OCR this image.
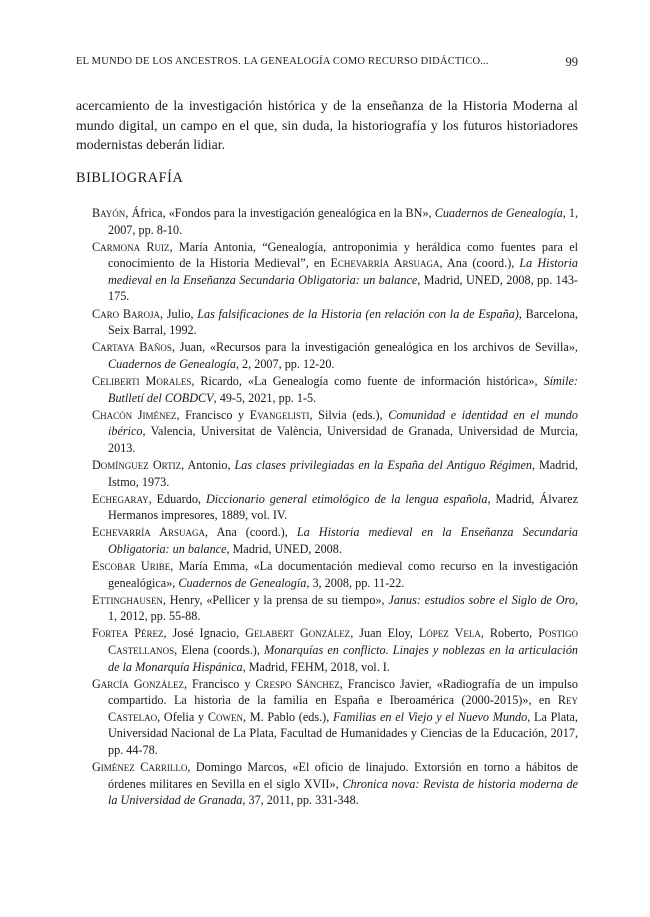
EL MUNDO DE LOS ANCESTROS. LA GENEALOGÍA COMO RECURSO DIDÁCTICO...	99

acercamiento de la investigación histórica y de la enseñanza de la Historia Moderna al mundo digital, un campo en el que, sin duda, la historiografía y los futuros historiadores modernistas deberán lidiar.

BIBLIOGRAFÍA
Bayón, África, «Fondos para la investigación genealógica en la BN», Cuadernos de Genealogía, 1, 2007, pp. 8-10.
Carmona Ruiz, María Antonia, “Genealogía, antroponimia y heráldica como fuentes para el conocimiento de la Historia Medieval”, en Echevarría Arsuaga, Ana (coord.), La Historia medieval en la Enseñanza Secundaria Obligatoria: un balance, Madrid, UNED, 2008, pp. 143-175.
Caro Baroja, Julio, Las falsificaciones de la Historia (en relación con la de España), Barcelona, Seix Barral, 1992.
Cartaya Baños, Juan, «Recursos para la investigación genealógica en los archivos de Sevilla», Cuadernos de Genealogía, 2, 2007, pp. 12-20.
Celiberti Morales, Ricardo, «La Genealogía como fuente de información histórica», Símile: Butlletí del COBDCV, 49-5, 2021, pp. 1-5.
Chacón Jiménez, Francisco y Evangelisti, Silvia (eds.), Comunidad e identidad en el mundo ibérico, Valencia, Universitat de València, Universidad de Granada, Universidad de Murcia, 2013.
Domínguez Ortiz, Antonio, Las clases privilegiadas en la España del Antiguo Régimen, Madrid, Istmo, 1973.
Echegaray, Eduardo, Diccionario general etimológico de la lengua española, Madrid, Álvarez Hermanos impresores, 1889, vol. IV.
Echevarría Arsuaga, Ana (coord.), La Historia medieval en la Enseñanza Secundaria Obligatoria: un balance, Madrid, UNED, 2008.
Escobar Uribe, María Emma, «La documentación medieval como recurso en la investigación genealógica», Cuadernos de Genealogía, 3, 2008, pp. 11-22.
Ettinghausen, Henry, «Pellicer y la prensa de su tiempo», Janus: estudios sobre el Siglo de Oro, 1, 2012, pp. 55-88.
Fortea Pérez, José Ignacio, Gelabert González, Juan Eloy, López Vela, Roberto, Postigo Castellanos, Elena (coords.), Monarquías en conflicto. Linajes y noblezas en la articulación de la Monarquía Hispánica, Madrid, FEHM, 2018, vol. I.
García González, Francisco y Crespo Sánchez, Francisco Javier, «Radiografía de un impulso compartido. La historia de la familia en España e Iberoamérica (2000-2015)», en Rey Castelao, Ofelia y Cowen, M. Pablo (eds.), Familias en el Viejo y el Nuevo Mundo, La Plata, Universidad Nacional de La Plata, Facultad de Humanidades y Ciencias de la Educación, 2017, pp. 44-78.
Giménez Carrillo, Domingo Marcos, «El oficio de linajudo. Extorsión en torno a hábitos de órdenes militares en Sevilla en el siglo XVII», Chronica nova: Revista de historia moderna de la Universidad de Granada, 37, 2011, pp. 331-348.
